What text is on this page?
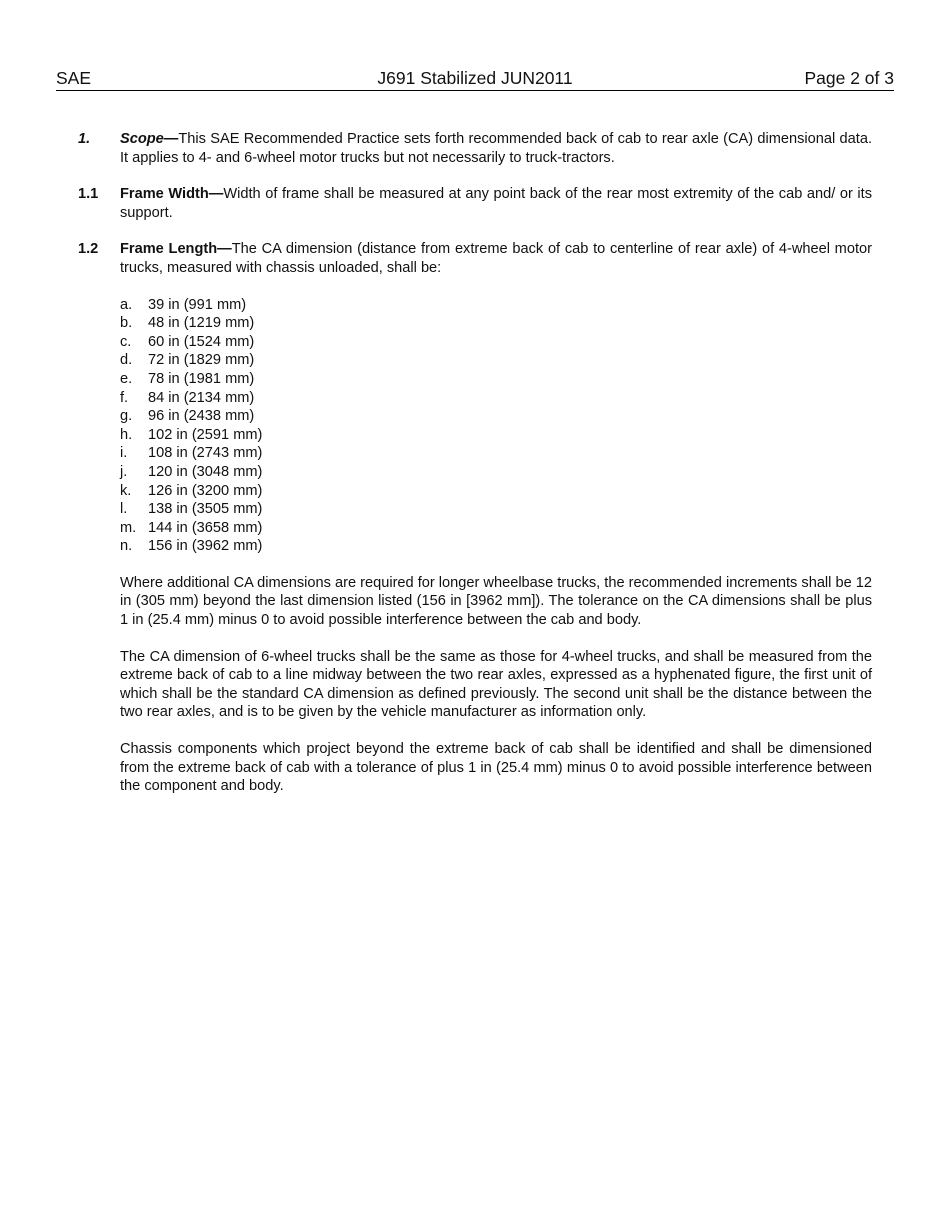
SAE	J691 Stabilized JUN2011	Page 2 of 3
1. Scope—This SAE Recommended Practice sets forth recommended back of cab to rear axle (CA) dimensional data. It applies to 4- and 6-wheel motor trucks but not necessarily to truck-tractors.
1.1 Frame Width—Width of frame shall be measured at any point back of the rear most extremity of the cab and/ or its support.
1.2 Frame Length—The CA dimension (distance from extreme back of cab to centerline of rear axle) of 4-wheel motor trucks, measured with chassis unloaded, shall be:
a. 39 in (991 mm)
b. 48 in (1219 mm)
c. 60 in (1524 mm)
d. 72 in (1829 mm)
e. 78 in (1981 mm)
f. 84 in (2134 mm)
g. 96 in (2438 mm)
h. 102 in (2591 mm)
i. 108 in (2743 mm)
j. 120 in (3048 mm)
k. 126 in (3200 mm)
l. 138 in (3505 mm)
m. 144 in (3658 mm)
n. 156 in (3962 mm)

Where additional CA dimensions are required for longer wheelbase trucks, the recommended increments shall be 12 in (305 mm) beyond the last dimension listed (156 in [3962 mm]). The tolerance on the CA dimensions shall be plus 1 in (25.4 mm) minus 0 to avoid possible interference between the cab and body.

The CA dimension of 6-wheel trucks shall be the same as those for 4-wheel trucks, and shall be measured from the extreme back of cab to a line midway between the two rear axles, expressed as a hyphenated figure, the first unit of which shall be the standard CA dimension as defined previously. The second unit shall be the distance between the two rear axles, and is to be given by the vehicle manufacturer as information only.

Chassis components which project beyond the extreme back of cab shall be identified and shall be dimensioned from the extreme back of cab with a tolerance of plus 1 in (25.4 mm) minus 0 to avoid possible interference between the component and body.
